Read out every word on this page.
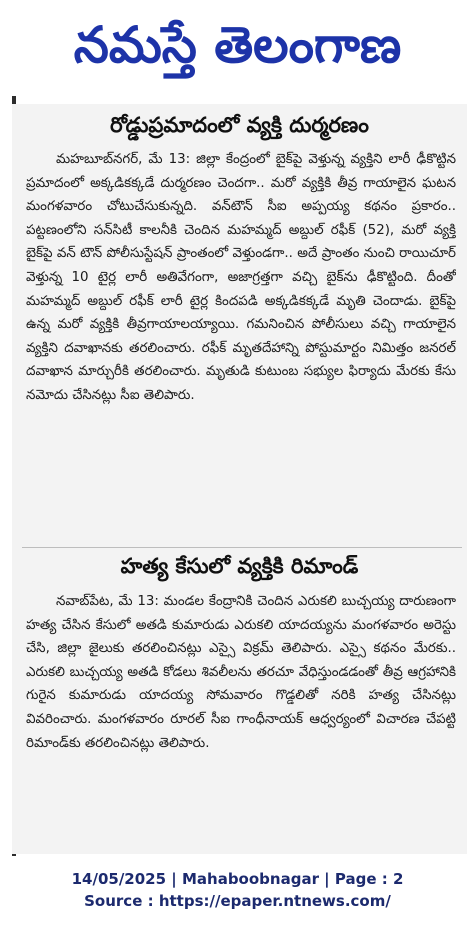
నమస్తే తెలంగాణ
రోడ్డుప్రమాదంలో వ్యక్తి దుర్మరణం

మహబూబ్‌నగర్, మే 13: జిల్లా కేంద్రంలో బైక్‌పై వెళ్తున్న వ్యక్తిని లారీ ఢీకొట్టిన ప్రమాదంలో అక్కడికక్కడే దుర్మరణం చెందగా.. మరో వ్యక్తికి తీవ్ర గాయాలైన ఘటన మంగళవారం చోటుచేసుకున్నది. వన్‌టౌన్ సీఐ అప్పయ్య కథనం ప్రకారం.. పట్టణంలోని సన్‌సిటీ కాలనీకి చెందిన మహమ్మద్ అబ్దుల్ రఫీక్ (52), మరో వ్యక్తి బైక్‌పై వన్ టౌన్ పోలీసుస్టేషన్ ప్రాంతంలో వెళ్తుండగా.. అదే ప్రాంతం నుంచి రాయిచూర్ వెళ్తున్న 10 టైర్ల లారీ అతివేగంగా, అజాగ్రత్తగా వచ్చి బైక్‌ను ఢీకొట్టింది. దీంతో మహమ్మద్ అబ్దుల్ రఫీక్ లారీ టైర్ల కిందపడి అక్కడికక్కడే మృతి చెందాడు. బైక్‌పై ఉన్న మరో వ్యక్తికి తీవ్రగాయాలయ్యాయి. గమనించిన పోలీసులు వచ్చి గాయాలైన వ్యక్తిని దవాఖానకు తరలించారు. రఫీక్ మృతదేహాన్ని పోస్టుమార్టం నిమిత్తం జనరల్ దవాఖాన మార్చురీకి తరలించారు. మృతుడి కుటుంబ సభ్యుల ఫిర్యాదు మేరకు కేసు నమోదు చేసినట్లు సీఐ తెలిపారు.

హత్య కేసులో వ్యక్తికి రిమాండ్

నవాబ్‌పేట, మే 13: మండల కేంద్రానికి చెందిన ఎరుకలి బుచ్చయ్య దారుణంగా హత్య చేసిన కేసులో అతడి కుమారుడు ఎరుకలి యాదయ్యను మంగళవారం అరెస్టు చేసి, జిల్లా జైలుకు తరలించినట్లు ఎస్సై విక్రమ్ తెలిపారు. ఎస్సై కథనం మేరకు.. ఎరుకలి బుచ్చయ్య అతడి కోడలు శివలీలను తరచూ వేధిస్తుండడంతో తీవ్ర ఆగ్రహానికి గురైన కుమారుడు యాదయ్య సోమవారం గొడ్డలితో నరికి హత్య చేసినట్లు వివరించారు. మంగళవారం రూరల్ సీఐ గాంధీనాయక్ ఆధ్వర్యంలో విచారణ చేపట్టి రిమాండ్‌కు తరలించినట్లు తెలిపారు.

14/05/2025 | Mahaboobnagar | Page : 2
Source : https://epaper.ntnews.com/
